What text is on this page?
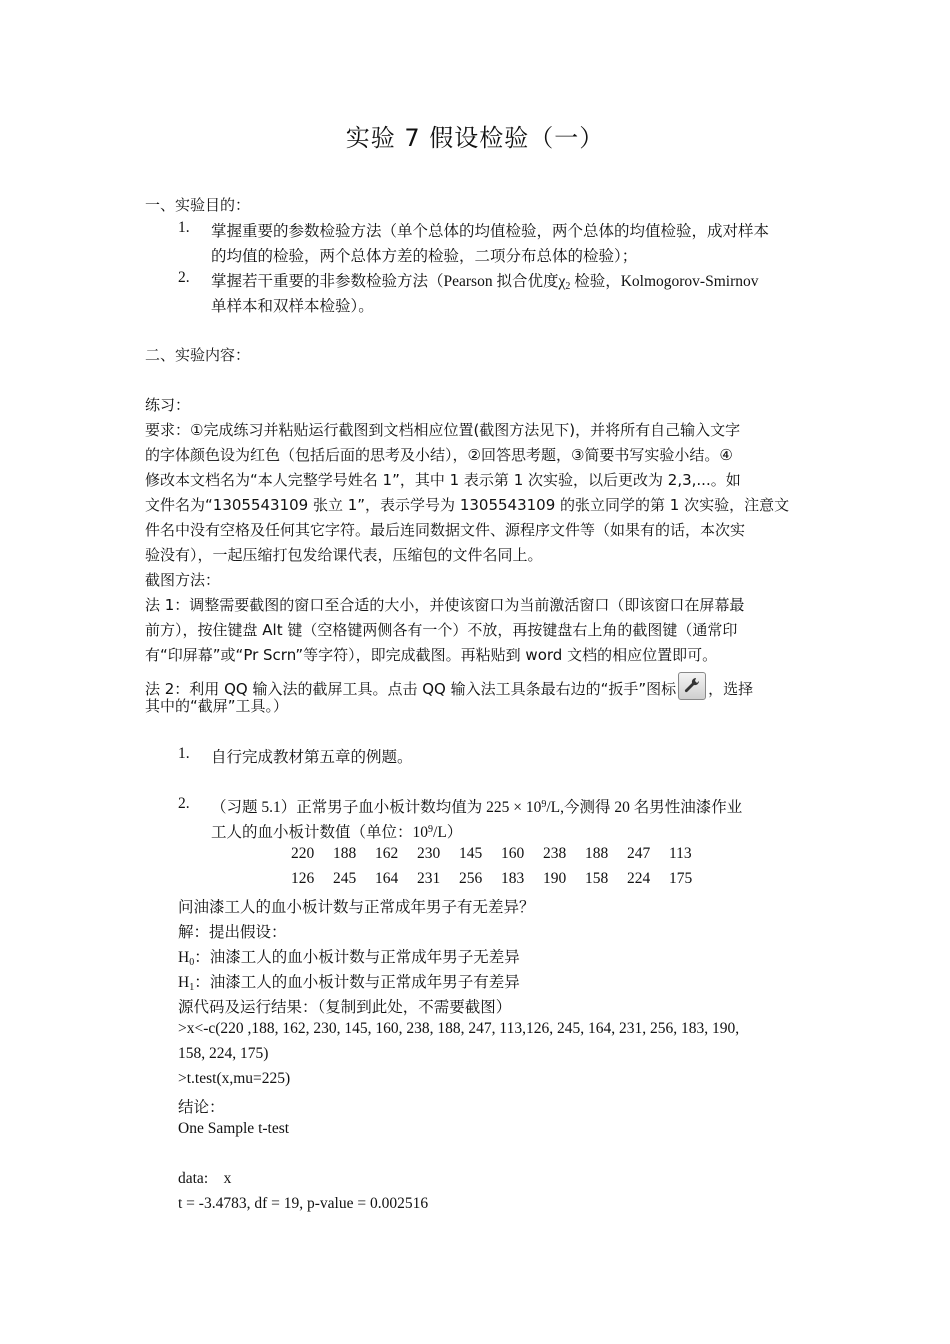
实验 7 假设检验（一）
一、实验目的：
1. 掌握重要的参数检验方法（单个总体的均值检验，两个总体的均值检验，成对样本
的均值的检验，两个总体方差的检验，二项分布总体的检验）；
2. 掌握若干重要的非参数检验方法（Pearson 拟合优度$\chi_2$ 检验，Kolmogorov-Smirnov
单样本和双样本检验）。
二、实验内容：
练习：
要求：①完成练习并粘贴运行截图到文档相应位置(截图方法见下)，并将所有自己输入文字
的字体颜色设为红色（包括后面的思考及小结），②回答思考题，③简要书写实验小结。④
修改本文档名为“本人完整学号姓名 1”，其中 1 表示第 1 次实验，以后更改为 2,3,...。如
文件名为“1305543109 张立 1”，表示学号为 1305543109 的张立同学的第 1 次实验，注意文
件名中没有空格及任何其它字符。最后连同数据文件、源程序文件等（如果有的话，本次实
验没有），一起压缩打包发给课代表，压缩包的文件名同上。
截图方法：
法 1：调整需要截图的窗口至合适的大小，并使该窗口为当前激活窗口（即该窗口在屏幕最
前方），按住键盘 Alt 键（空格键两侧各有一个）不放，再按键盘右上角的截图键（通常印
有“印屏幕”或“Pr Scrn”等字符），即完成截图。再粘贴到 word 文档的相应位置即可。
法 2：利用 QQ 输入法的截屏工具。点击 QQ 输入法工具条最右边的“扳手”图标 ，选择
其中的“截屏”工具。）
1. 自行完成教材第五章的例题。
2. （习题 5.1）正常男子血小板计数均值为 $225 \times 10^9/L$,今测得 20 名男性油漆作业
工人的血小板计数值（单位：$10^9/L$）
220 188 162 230 145 160 238 188 247 113
126 245 164 231 256 183 190 158 224 175
问油漆工人的血小板计数与正常成年男子有无差异？
解：提出假设：
$H_0$：油漆工人的血小板计数与正常成年男子无差异
$H_1$：油漆工人的血小板计数与正常成年男子有差异
源代码及运行结果：（复制到此处，不需要截图）
>x<-c(220 ,188, 162, 230, 145, 160, 238, 188, 247, 113,126, 245, 164, 231, 256, 183, 190,
158, 224, 175)
>t.test(x,mu=225)
结论：
One Sample t-test
data:    x
t = -3.4783, df = 19, p-value = 0.002516
